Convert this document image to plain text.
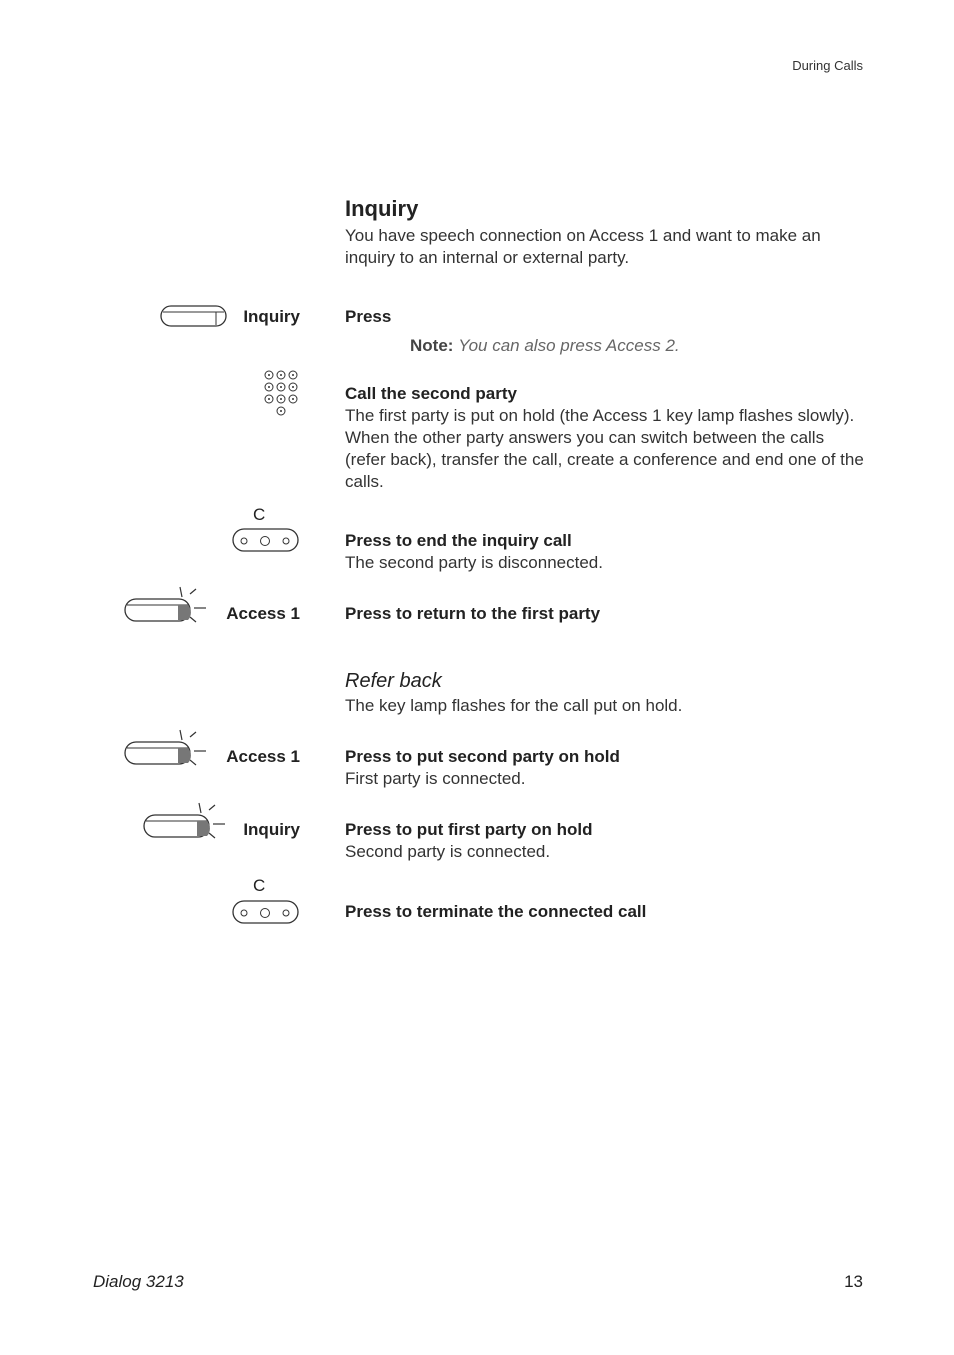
During Calls
Inquiry
You have speech connection on Access 1 and want to make an inquiry to an internal or external party.
Inquiry	Press
Note: You can also press Access 2.
Call the second party
The first party is put on hold (the Access 1 key lamp flashes slowly). When the other party answers you can switch between the calls (refer back), transfer the call, create a conference and end one of the calls.
C
Press to end the inquiry call
The second party is disconnected.
Access 1	Press to return to the first party
Refer back
The key lamp flashes for the call put on hold.
Access 1	Press to put second party on hold
First party is connected.
Inquiry	Press to put first party on hold
Second party is connected.
C
Press to terminate the connected call
Dialog 3213	13
